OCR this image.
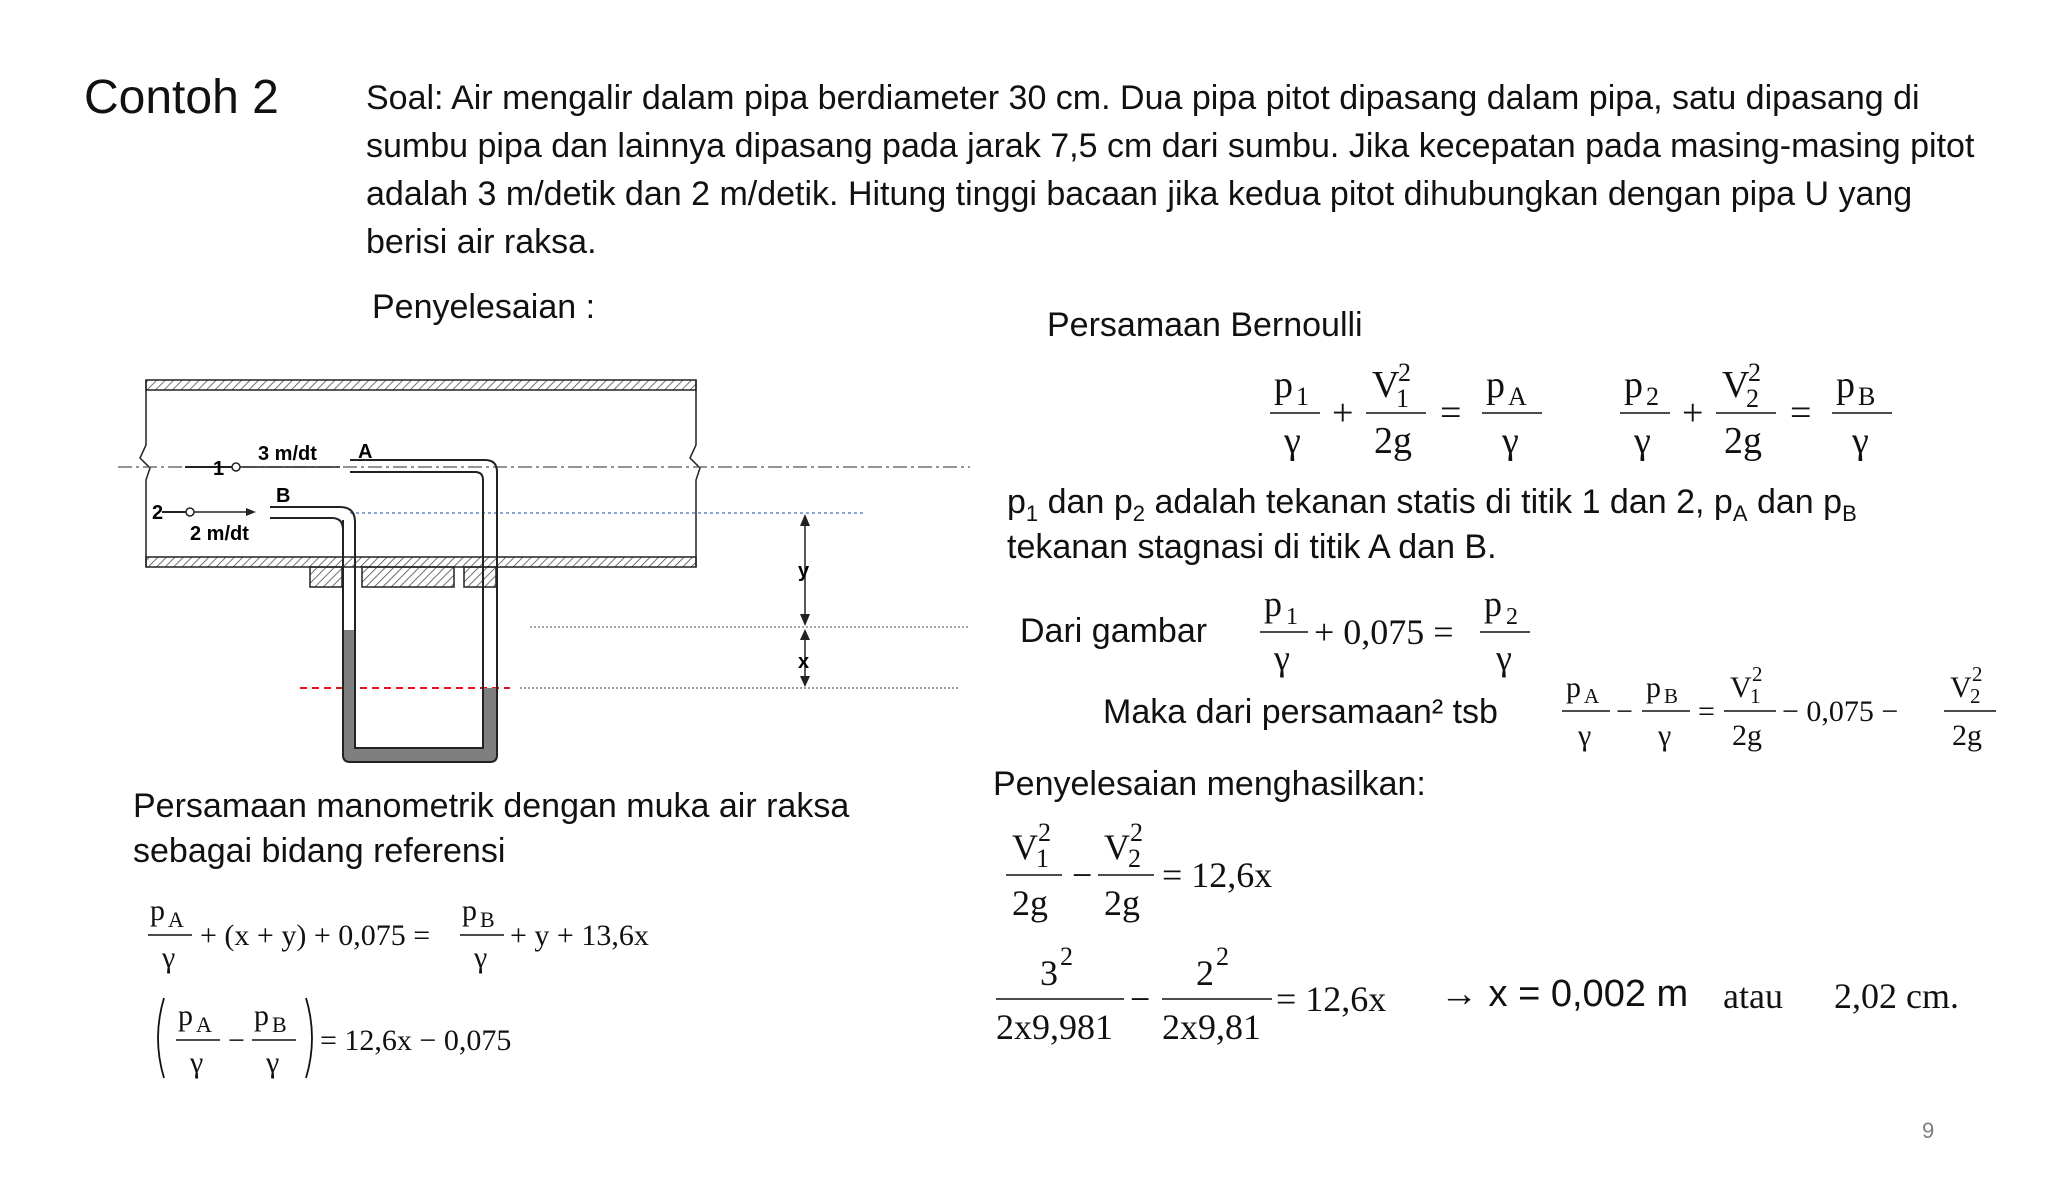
Contoh 2	Soal: Air mengalir dalam pipa berdiameter 30 cm. Dua pipa pitot dipasang dalam pipa, satu dipasang di sumbu pipa dan lainnya dipasang pada jarak 7,5 cm dari sumbu. Jika kecepatan pada masing-masing pitot adalah 3 m/detik dan 2 m/detik. Hitung tinggi bacaan jika kedua pitot dihubungkan dengan pipa U yang berisi air raksa.
Penyelesaian :
1
2
3 m/dt
2 m/dt
A
B
y
x
Persamaan manometrik dengan muka air raksa
sebagai bidang referensi
p A
γ
+ (x + y) + 0,075 =
p B
γ
+ y + 13,6x
p A
γ
−
p B
γ
= 12,6x − 0,075
Persamaan Bernoulli
p 1
γ
+
V
2
1
2g
=
p A
γ
p 2
γ
+
V
2
2
2g
=
p B
γ
$p_1$ dan $p_2$ adalah tekanan statis di titik 1 dan 2, $p_A$ dan $p_B$
tekanan stagnasi di titik A dan B.
Dari gambar
p 1
γ
+ 0,075 =
p 2
γ
Maka dari persamaan² tsb
p A
γ
−
p B
γ
=
V 2
1
2g
− 0,075 −
V 2
2
2g
Penyelesaian menghasilkan:
V 2
1
2g
−
V 2
2
2g
= 12,6x
3 2
2x9,981
−
2 2
2x9,81
= 12,6x → x = 0,002 m atau 2,02 cm.
9
